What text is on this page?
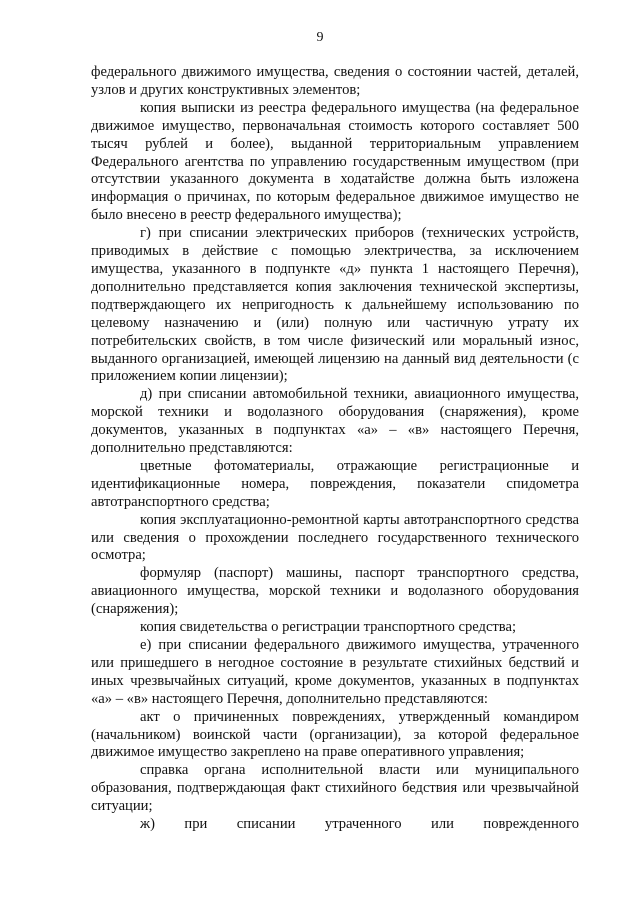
9

федерального движимого имущества, сведения о состоянии частей, деталей, узлов и других конструктивных элементов;

копия выписки из реестра федерального имущества (на федеральное движимое имущество, первоначальная стоимость которого составляет 500 тысяч рублей и более), выданной территориальным управлением Федерального агентства по управлению государственным имуществом (при отсутствии указанного документа в ходатайстве должна быть изложена информация о причинах, по которым федеральное движимое имущество не было внесено в реестр федерального имущества);

г) при списании электрических приборов (технических устройств, приводимых в действие с помощью электричества, за исключением имущества, указанного в подпункте «д» пункта 1 настоящего Перечня), дополнительно представляется копия заключения технической экспертизы, подтверждающего их непригодность к дальнейшему использованию по целевому назначению и (или) полную или частичную утрату их потребительских свойств, в том числе физический или моральный износ, выданного организацией, имеющей лицензию на данный вид деятельности (с приложением копии лицензии);

д) при списании автомобильной техники, авиационного имущества, морской техники и водолазного оборудования (снаряжения), кроме документов, указанных в подпунктах «а» – «в» настоящего Перечня, дополнительно представляются:

цветные фотоматериалы, отражающие регистрационные и идентификационные номера, повреждения, показатели спидометра автотранспортного средства;

копия эксплуатационно-ремонтной карты автотранспортного средства или сведения о прохождении последнего государственного технического осмотра;

формуляр (паспорт) машины, паспорт транспортного средства, авиационного имущества, морской техники и водолазного оборудования (снаряжения);

копия свидетельства о регистрации транспортного средства;

е) при списании федерального движимого имущества, утраченного или пришедшего в негодное состояние в результате стихийных бедствий и иных чрезвычайных ситуаций, кроме документов, указанных в подпунктах «а» – «в» настоящего Перечня, дополнительно представляются:

акт о причиненных повреждениях, утвержденный командиром (начальником) воинской части (организации), за которой федеральное движимое имущество закреплено на праве оперативного управления;

справка органа исполнительной власти или муниципального образования, подтверждающая факт стихийного бедствия или чрезвычайной ситуации;

ж) при списании утраченного или поврежденного
